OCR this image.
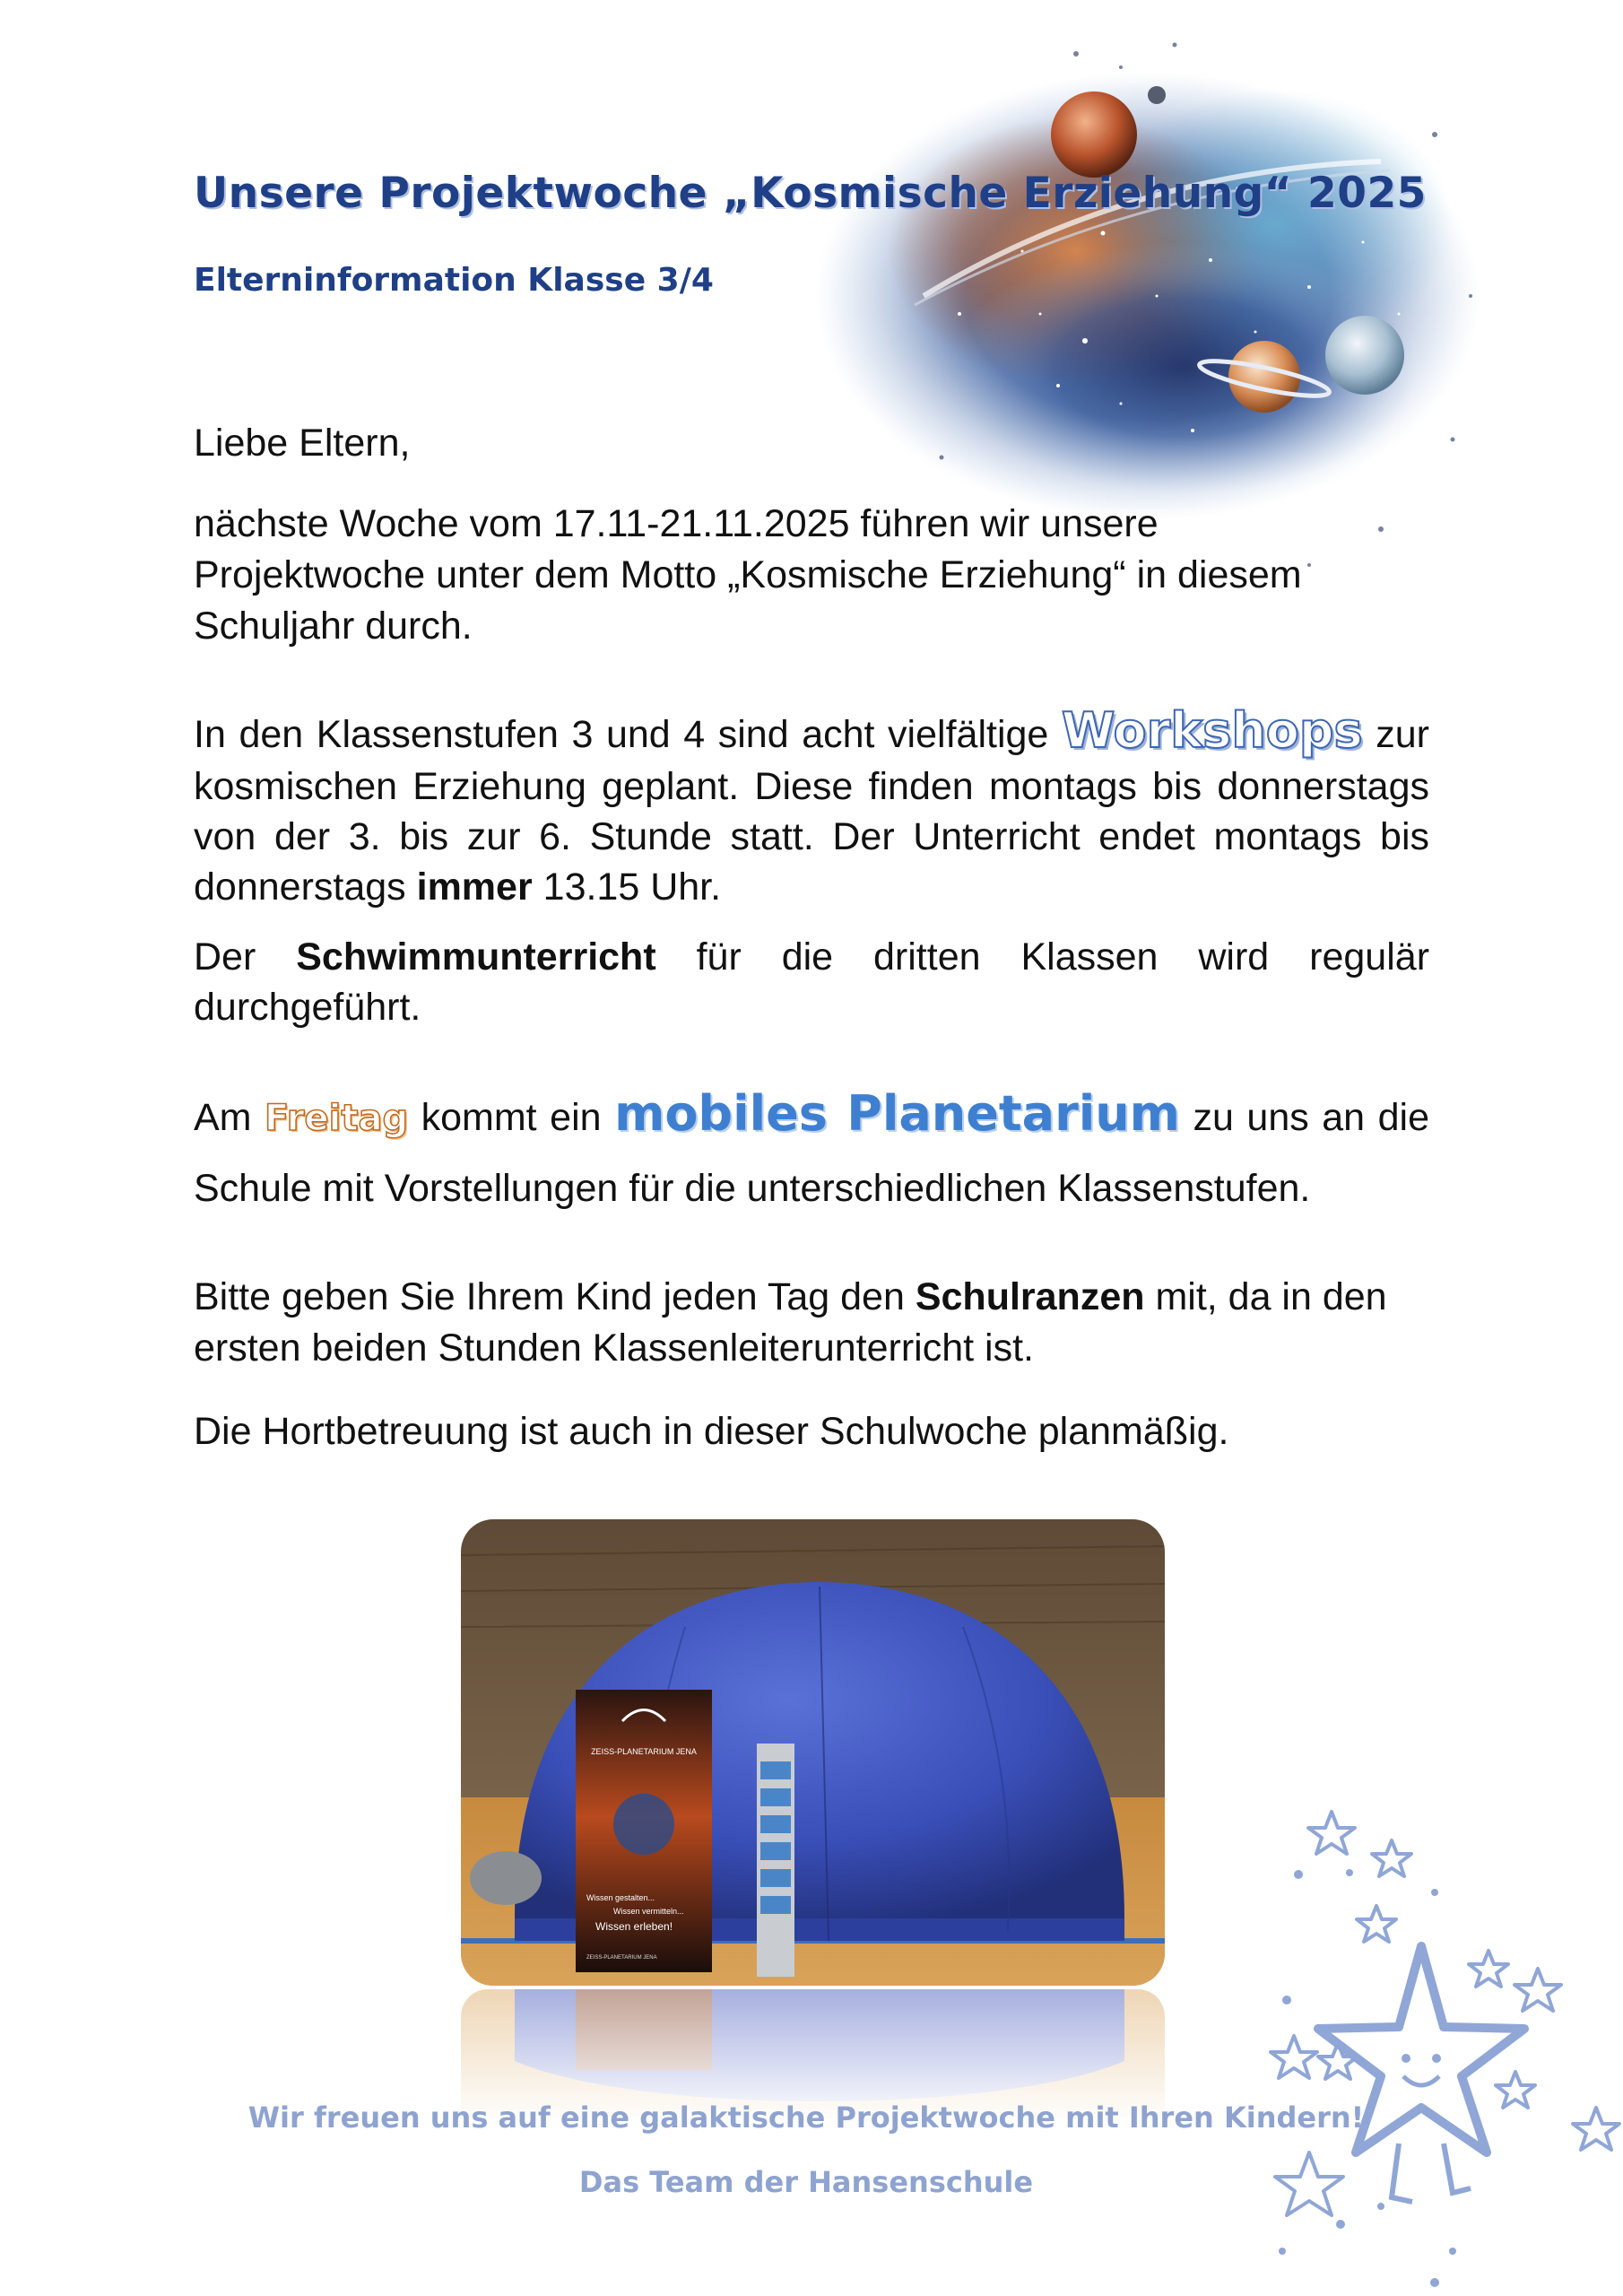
Unsere Projektwoche „Kosmische Erziehung“ 2025
Elterninformation Klasse 3/4

Liebe Eltern,

nächste Woche vom 17.11-21.11.2025 führen wir unsere Projektwoche unter dem Motto „Kosmische Erziehung“ in diesem Schuljahr durch.

In den Klassenstufen 3 und 4 sind acht vielfältige Workshops zur kosmischen Erziehung geplant. Diese finden montags bis donnerstags von der 3. bis zur 6. Stunde statt. Der Unterricht endet montags bis donnerstags immer 13.15 Uhr.

Der Schwimmunterricht für die dritten Klassen wird regulär durchgeführt.

Am Freitag kommt ein mobiles Planetarium zu uns an die Schule mit Vorstellungen für die unterschiedlichen Klassenstufen.

Bitte geben Sie Ihrem Kind jeden Tag den Schulranzen mit, da in den ersten beiden Stunden Klassenleiterunterricht ist.

Die Hortbetreuung ist auch in dieser Schulwoche planmäßig.

ZEISS-PLANETARIUM JENA
Wissen gestalten...
Wissen vermitteln...
Wissen erleben!
ZEISS-PLANETARIUM JENA

Wir freuen uns auf eine galaktische Projektwoche mit Ihren Kindern!

Das Team der Hansenschule
